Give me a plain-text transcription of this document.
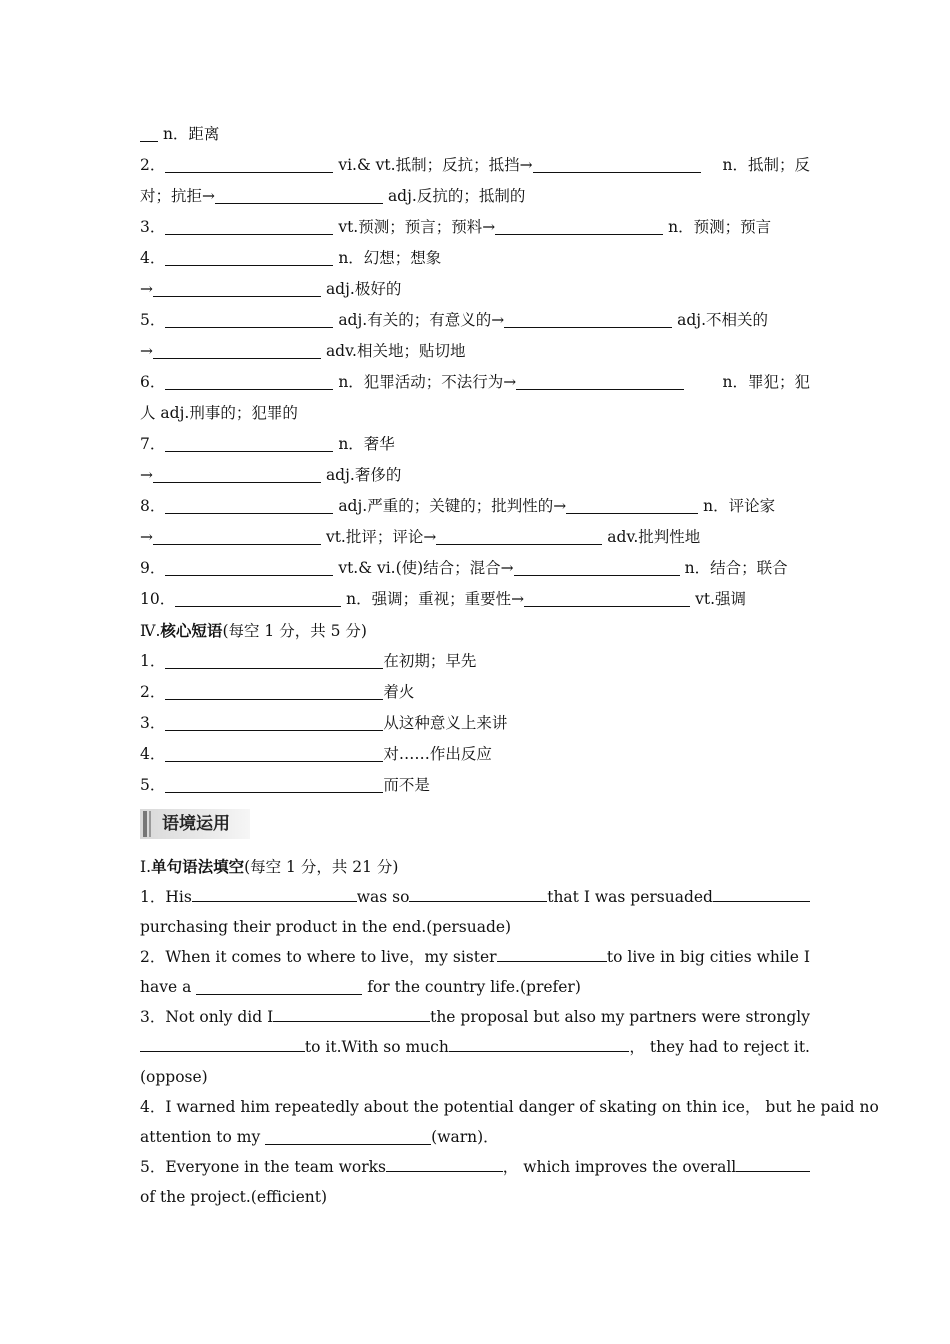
n．距离
2．	vi.& vt.抵制；反抗；抵挡→	n．抵制；反
对；抗拒→	adj.反抗的；抵制的
3．	vt.预测；预言；预料→	n．预测；预言
4．	n．幻想；想象
→	adj.极好的
5．	adj.有关的；有意义的→	adj.不相关的
→	adv.相关地；贴切地
6．	n．犯罪活动；不法行为→	n．罪犯；犯
人 adj.刑事的；犯罪的
7．	n．奢华
→	adj.奢侈的
8．	adj.严重的；关键的；批判性的→	n．评论家
→	vt.批评；评论→	adv.批判性地
9．	vt.& vi.(使)结合；混合→	n．结合；联合
10．	n．强调；重视；重要性→	vt.强调
Ⅳ.核心短语(每空 1 分，共 5 分)
1．	在初期；早先
2．	着火
3．	从这种意义上来讲
4．	对……作出反应
5．	而不是
语境运用
Ⅰ.单句语法填空(每空 1 分，共 21 分)
1．His	was so	that I was persuaded
purchasing their product in the end.(persuade)
2．When it comes to where to live，my sister	to live in big cities while I
have a	for the country life.(prefer)
3．Not only did I	the proposal but also my partners were strongly
to it.With so much	， they had to reject it.
(oppose)
4．I warned him repeatedly about the potential danger of skating on thin ice， but he paid no
attention to my	(warn)．
5．Everyone in the team works	， which improves the overall
of the project.(efficient)
